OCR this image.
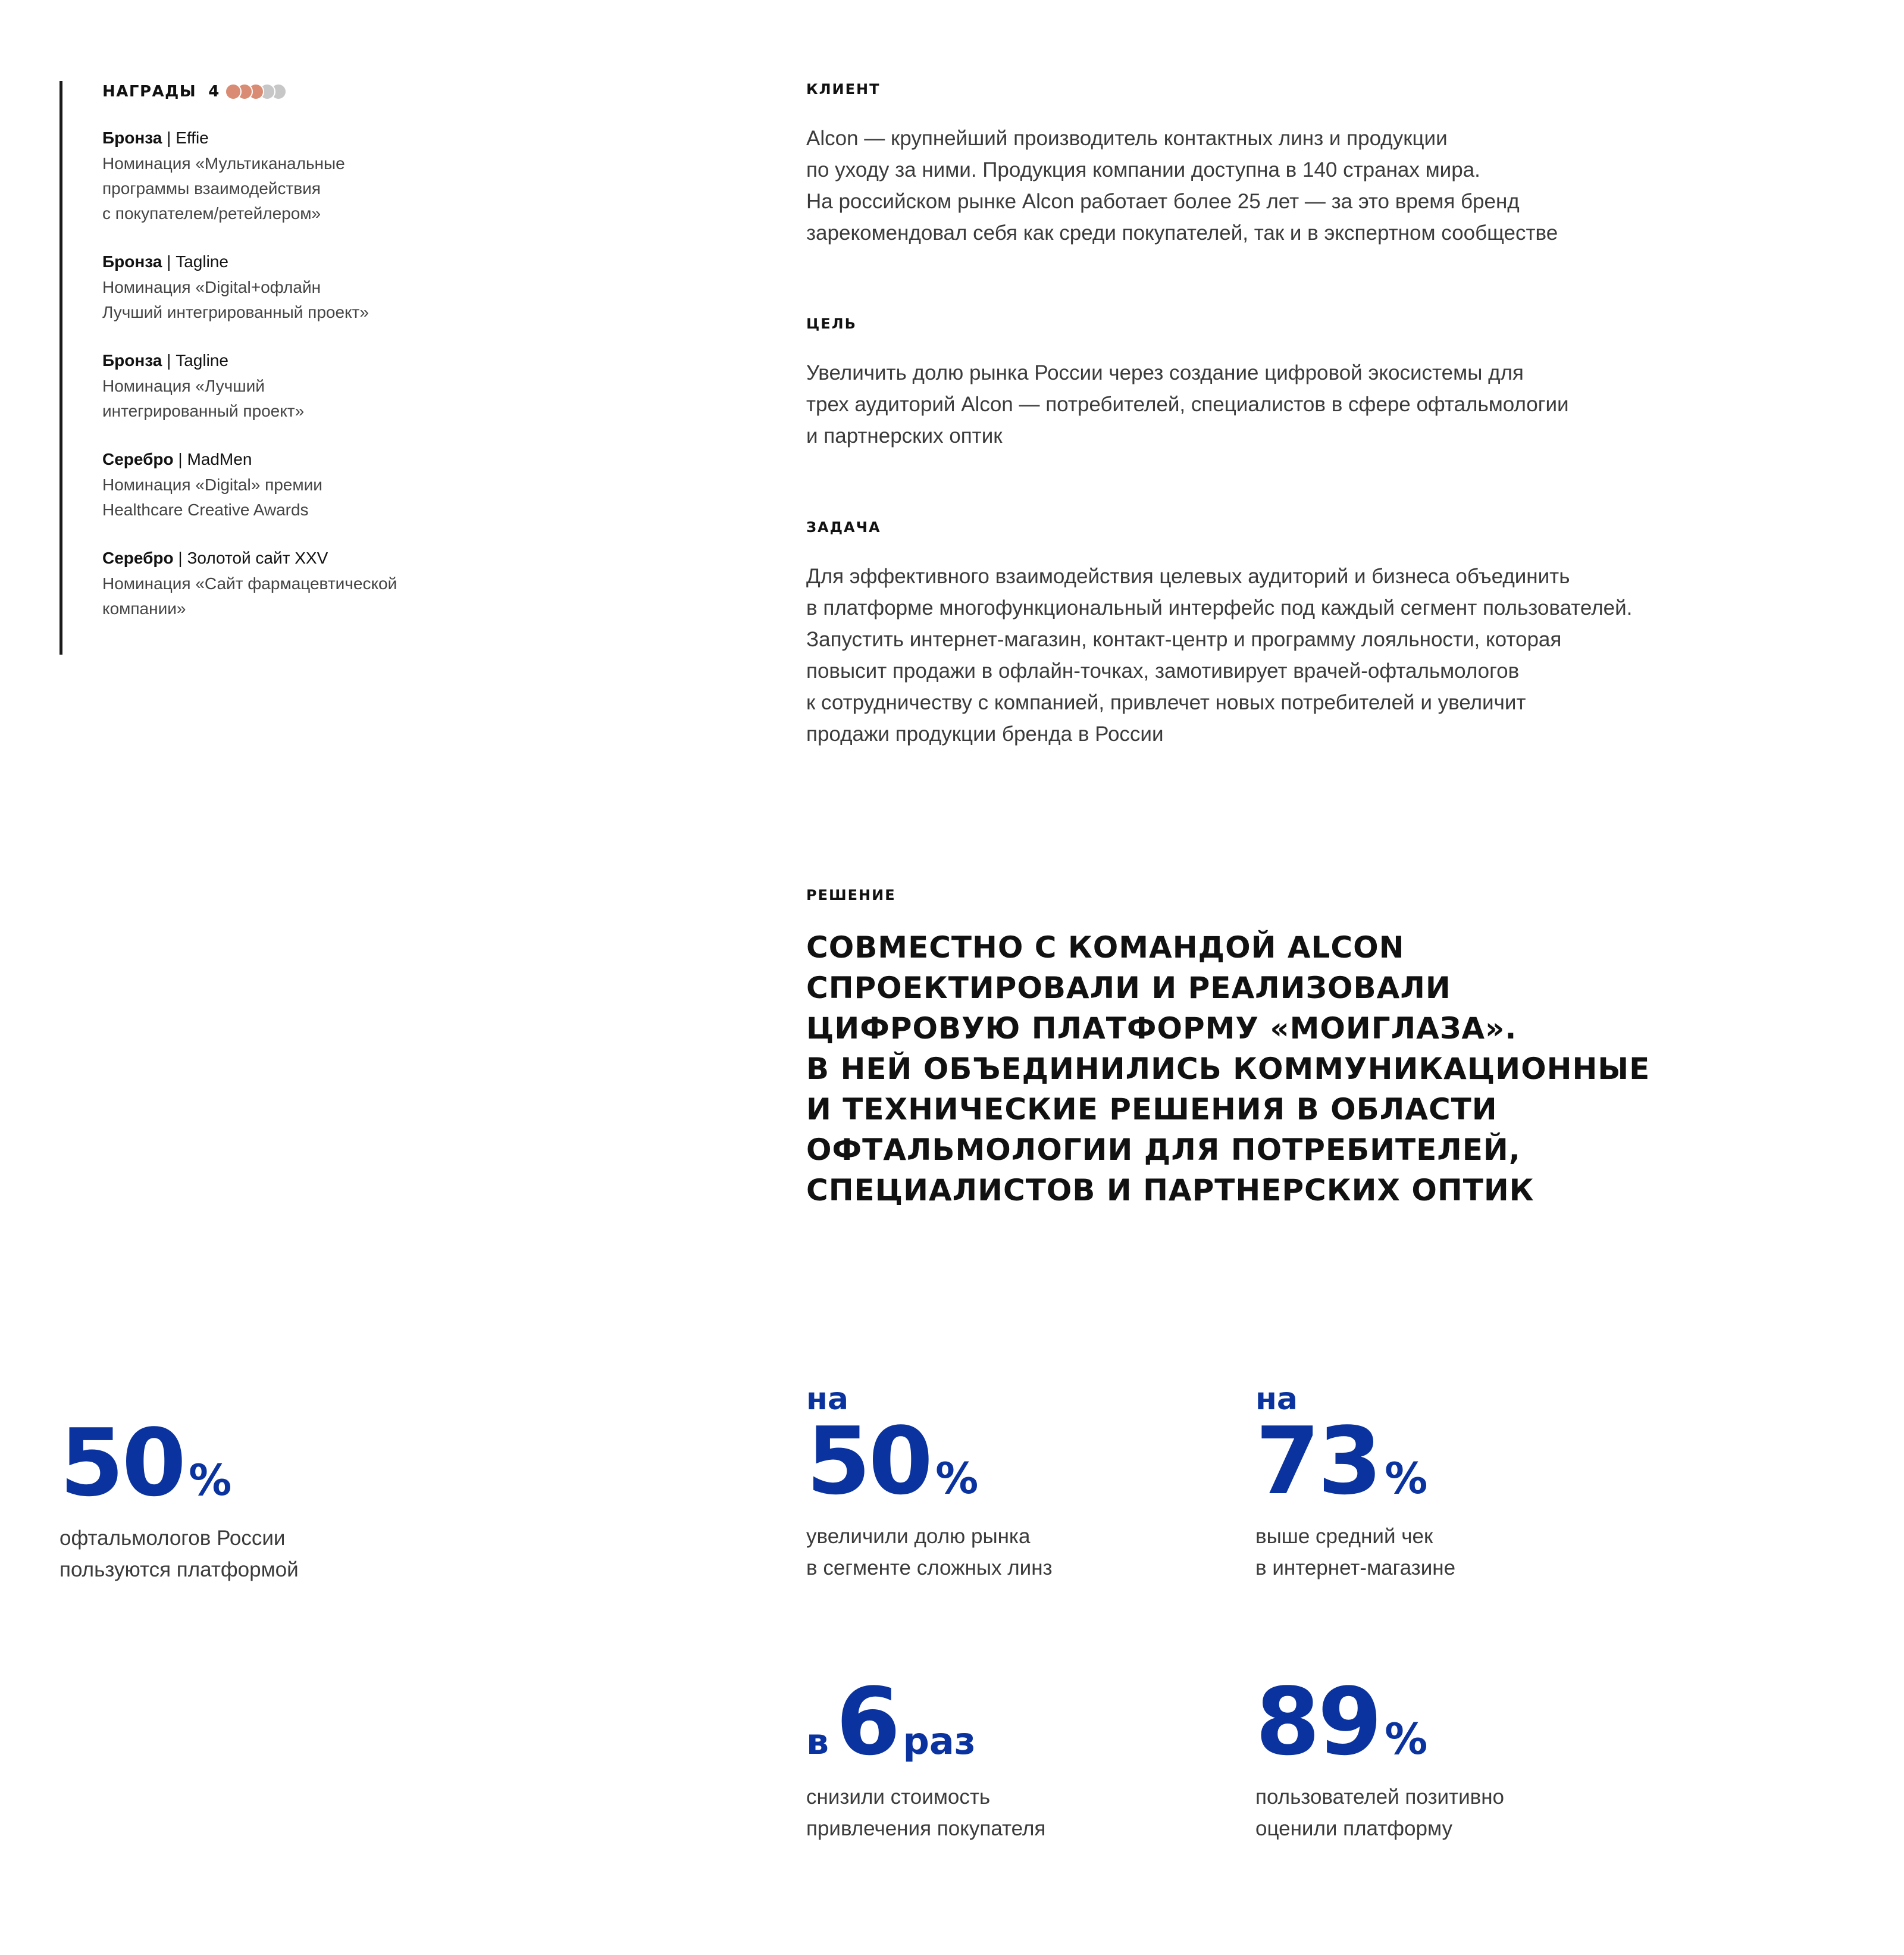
НАГРАДЫ 4
Бронза | Effie
Номинация «Мультиканальные
программы взаимодействия
с покупателем/ретейлером»
Бронза | Tagline
Номинация «Digital+офлайн
Лучший интегрированный проект»
Бронза | Tagline
Номинация «Лучший
интегрированный проект»
Серебро | MadMen
Номинация «Digital» премии
Healthcare Creative Awards
Серебро | Золотой сайт XXV
Номинация «Сайт фармацевтической
компании»
КЛИЕНТ
Alcon — крупнейший производитель контактных линз и продукции
по уходу за ними. Продукция компании доступна в 140 странах мира.
На российском рынке Alcon работает более 25 лет — за это время бренд
зарекомендовал себя как среди покупателей, так и в экспертном сообществе
ЦЕЛЬ
Увеличить долю рынка России через создание цифровой экосистемы для
трех аудиторий Alcon — потребителей, специалистов в сфере офтальмологии
и партнерских оптик
ЗАДАЧА
Для эффективного взаимодействия целевых аудиторий и бизнеса объединить
в платформе многофункциональный интерфейс под каждый сегмент пользователей.
Запустить интернет-магазин, контакт-центр и программу лояльности, которая
повысит продажи в офлайн-точках, замотивирует врачей-офтальмологов
к сотрудничеству с компанией, привлечет новых потребителей и увеличит
продажи продукции бренда в России
РЕШЕНИЕ
СОВМЕСТНО С КОМАНДОЙ ALCON
СПРОЕКТИРОВАЛИ И РЕАЛИЗОВАЛИ
ЦИФРОВУЮ ПЛАТФОРМУ «МОИГЛАЗА».
В НЕЙ ОБЪЕДИНИЛИСЬ КОММУНИКАЦИОННЫЕ
И ТЕХНИЧЕСКИЕ РЕШЕНИЯ В ОБЛАСТИ
ОФТАЛЬМОЛОГИИ ДЛЯ ПОТРЕБИТЕЛЕЙ,
СПЕЦИАЛИСТОВ И ПАРТНЕРСКИХ ОПТИК
50 %
офтальмологов России
пользуются платформой
на
50 %
увеличили долю рынка
в сегменте сложных линз
на
73 %
выше средний чек
в интернет-магазине
в 6 раз
снизили стоимость
привлечения покупателя
89 %
пользователей позитивно
оценили платформу
